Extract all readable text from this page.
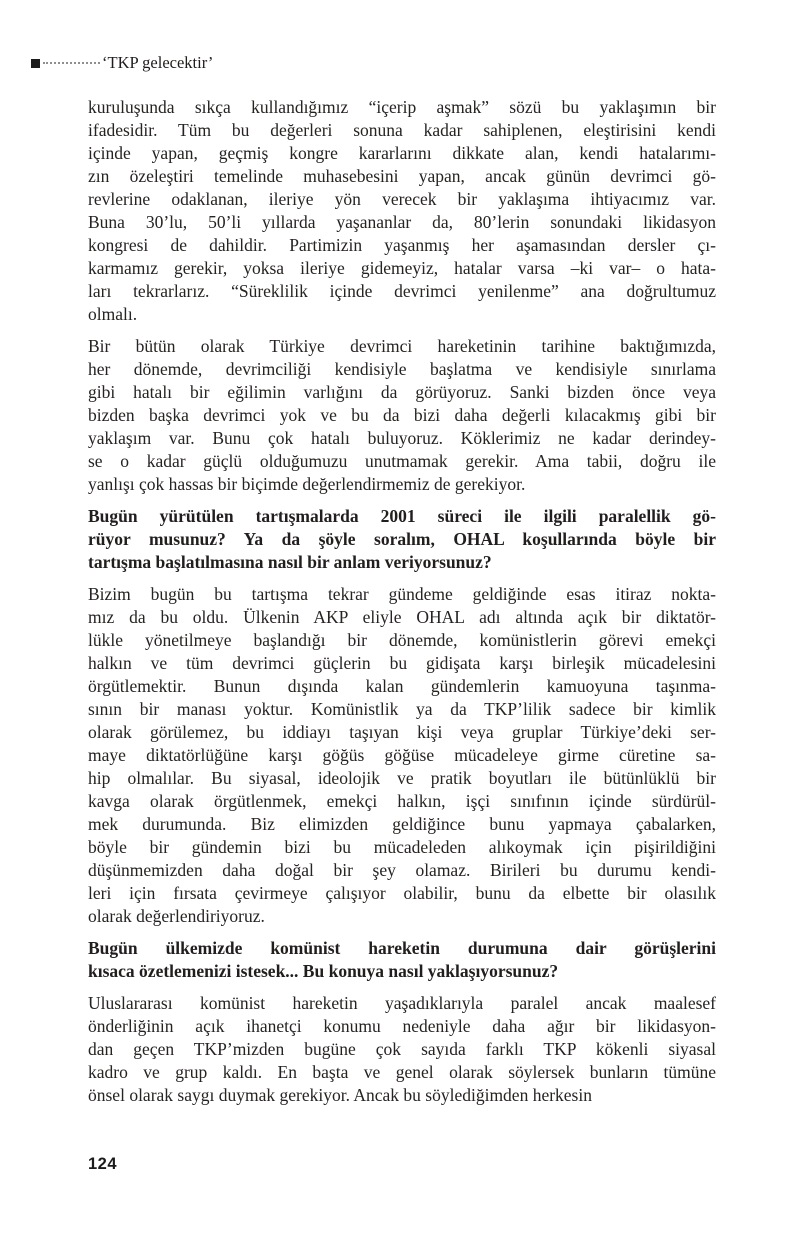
‘TKP gelecektir’

kuruluşunda sıkça kullandığımız “içerip aşmak” sözü bu yaklaşımın bir
ifadesidir. Tüm bu değerleri sonuna kadar sahiplenen, eleştirisini kendi
içinde yapan, geçmiş kongre kararlarını dikkate alan, kendi hatalarımı-
zın özeleştiri temelinde muhasebesini yapan, ancak günün devrimci gö-
revlerine odaklanan, ileriye yön verecek bir yaklaşıma ihtiyacımız var.
Buna 30’lu, 50’li yıllarda yaşananlar da, 80’lerin sonundaki likidasyon
kongresi de dahildir. Partimizin yaşanmış her aşamasından dersler çı-
karmamız gerekir, yoksa ileriye gidemeyiz, hatalar varsa –ki var– o hata-
ları tekrarlarız. “Süreklilik içinde devrimci yenilenme” ana doğrultumuz
olmalı.

Bir bütün olarak Türkiye devrimci hareketinin tarihine baktığımızda,
her dönemde, devrimciliği kendisiyle başlatma ve kendisiyle sınırlama
gibi hatalı bir eğilimin varlığını da görüyoruz. Sanki bizden önce veya
bizden başka devrimci yok ve bu da bizi daha değerli kılacakmış gibi bir
yaklaşım var. Bunu çok hatalı buluyoruz. Köklerimiz ne kadar derindey-
se o kadar güçlü olduğumuzu unutmamak gerekir. Ama tabii, doğru ile
yanlışı çok hassas bir biçimde değerlendirmemiz de gerekiyor.

Bugün yürütülen tartışmalarda 2001 süreci ile ilgili paralellik gö-
rüyor musunuz? Ya da şöyle soralım, OHAL koşullarında böyle bir
tartışma başlatılmasına nasıl bir anlam veriyorsunuz?

Bizim bugün bu tartışma tekrar gündeme geldiğinde esas itiraz nokta-
mız da bu oldu. Ülkenin AKP eliyle OHAL adı altında açık bir diktatör-
lükle yönetilmeye başlandığı bir dönemde, komünistlerin görevi emekçi
halkın ve tüm devrimci güçlerin bu gidişata karşı birleşik mücadelesini
örgütlemektir. Bunun dışında kalan gündemlerin kamuoyuna taşınma-
sının bir manası yoktur. Komünistlik ya da TKP’lilik sadece bir kimlik
olarak görülemez, bu iddiayı taşıyan kişi veya gruplar Türkiye’deki ser-
maye diktatörlüğüne karşı göğüs göğüse mücadeleye girme cüretine sa-
hip olmalılar. Bu siyasal, ideolojik ve pratik boyutları ile bütünlüklü bir
kavga olarak örgütlenmek, emekçi halkın, işçi sınıfının içinde sürdürül-
mek durumunda. Biz elimizden geldiğince bunu yapmaya çabalarken,
böyle bir gündemin bizi bu mücadeleden alıkoymak için pişirildiğini
düşünmemizden daha doğal bir şey olamaz. Birileri bu durumu kendi-
leri için fırsata çevirmeye çalışıyor olabilir, bunu da elbette bir olasılık
olarak değerlendiriyoruz.

Bugün ülkemizde komünist hareketin durumuna dair görüşlerini
kısaca özetlemenizi istesek... Bu konuya nasıl yaklaşıyorsunuz?

Uluslararası komünist hareketin yaşadıklarıyla paralel ancak maalesef
önderliğinin açık ihanetçi konumu nedeniyle daha ağır bir likidasyon-
dan geçen TKP’mizden bugüne çok sayıda farklı TKP kökenli siyasal
kadro ve grup kaldı. En başta ve genel olarak söylersek bunların tümüne
önsel olarak saygı duymak gerekiyor. Ancak bu söylediğimden herkesin

124
